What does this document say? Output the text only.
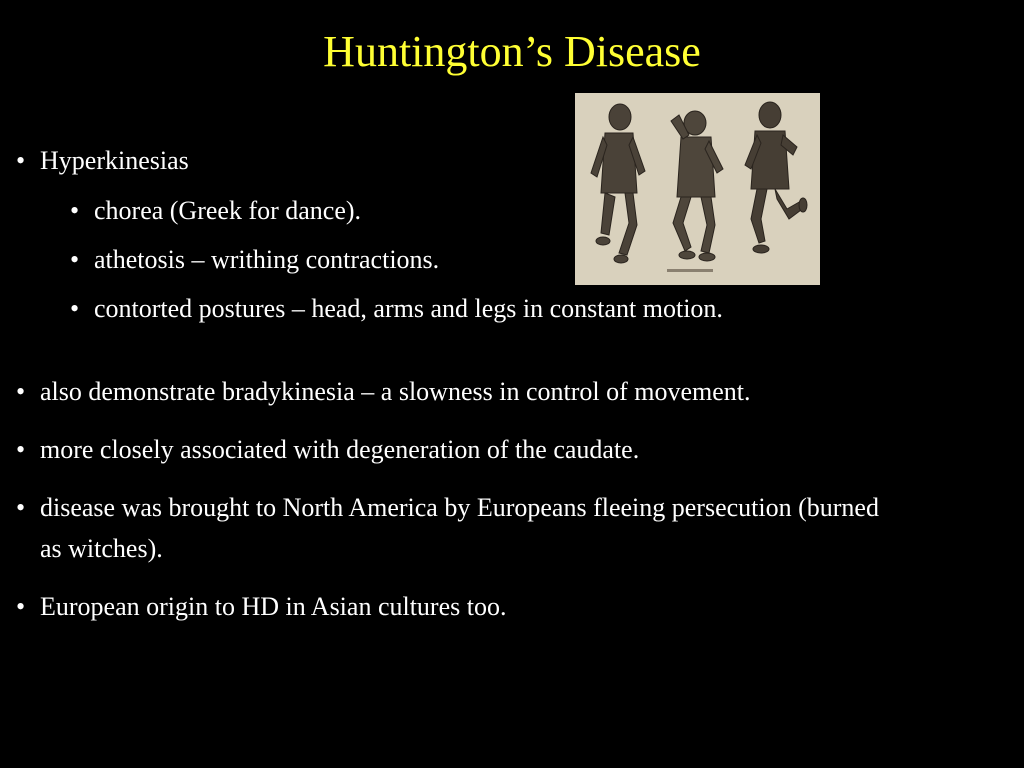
Huntington’s Disease
• Hyperkinesias
• chorea (Greek for dance).
• athetosis – writhing contractions.
• contorted postures – head, arms and legs in constant motion.
• also demonstrate bradykinesia – a slowness in control of movement.
• more closely associated with degeneration of the caudate.
• disease was brought to North America by Europeans fleeing persecution (burned as witches).
• European origin to HD in Asian cultures too.
